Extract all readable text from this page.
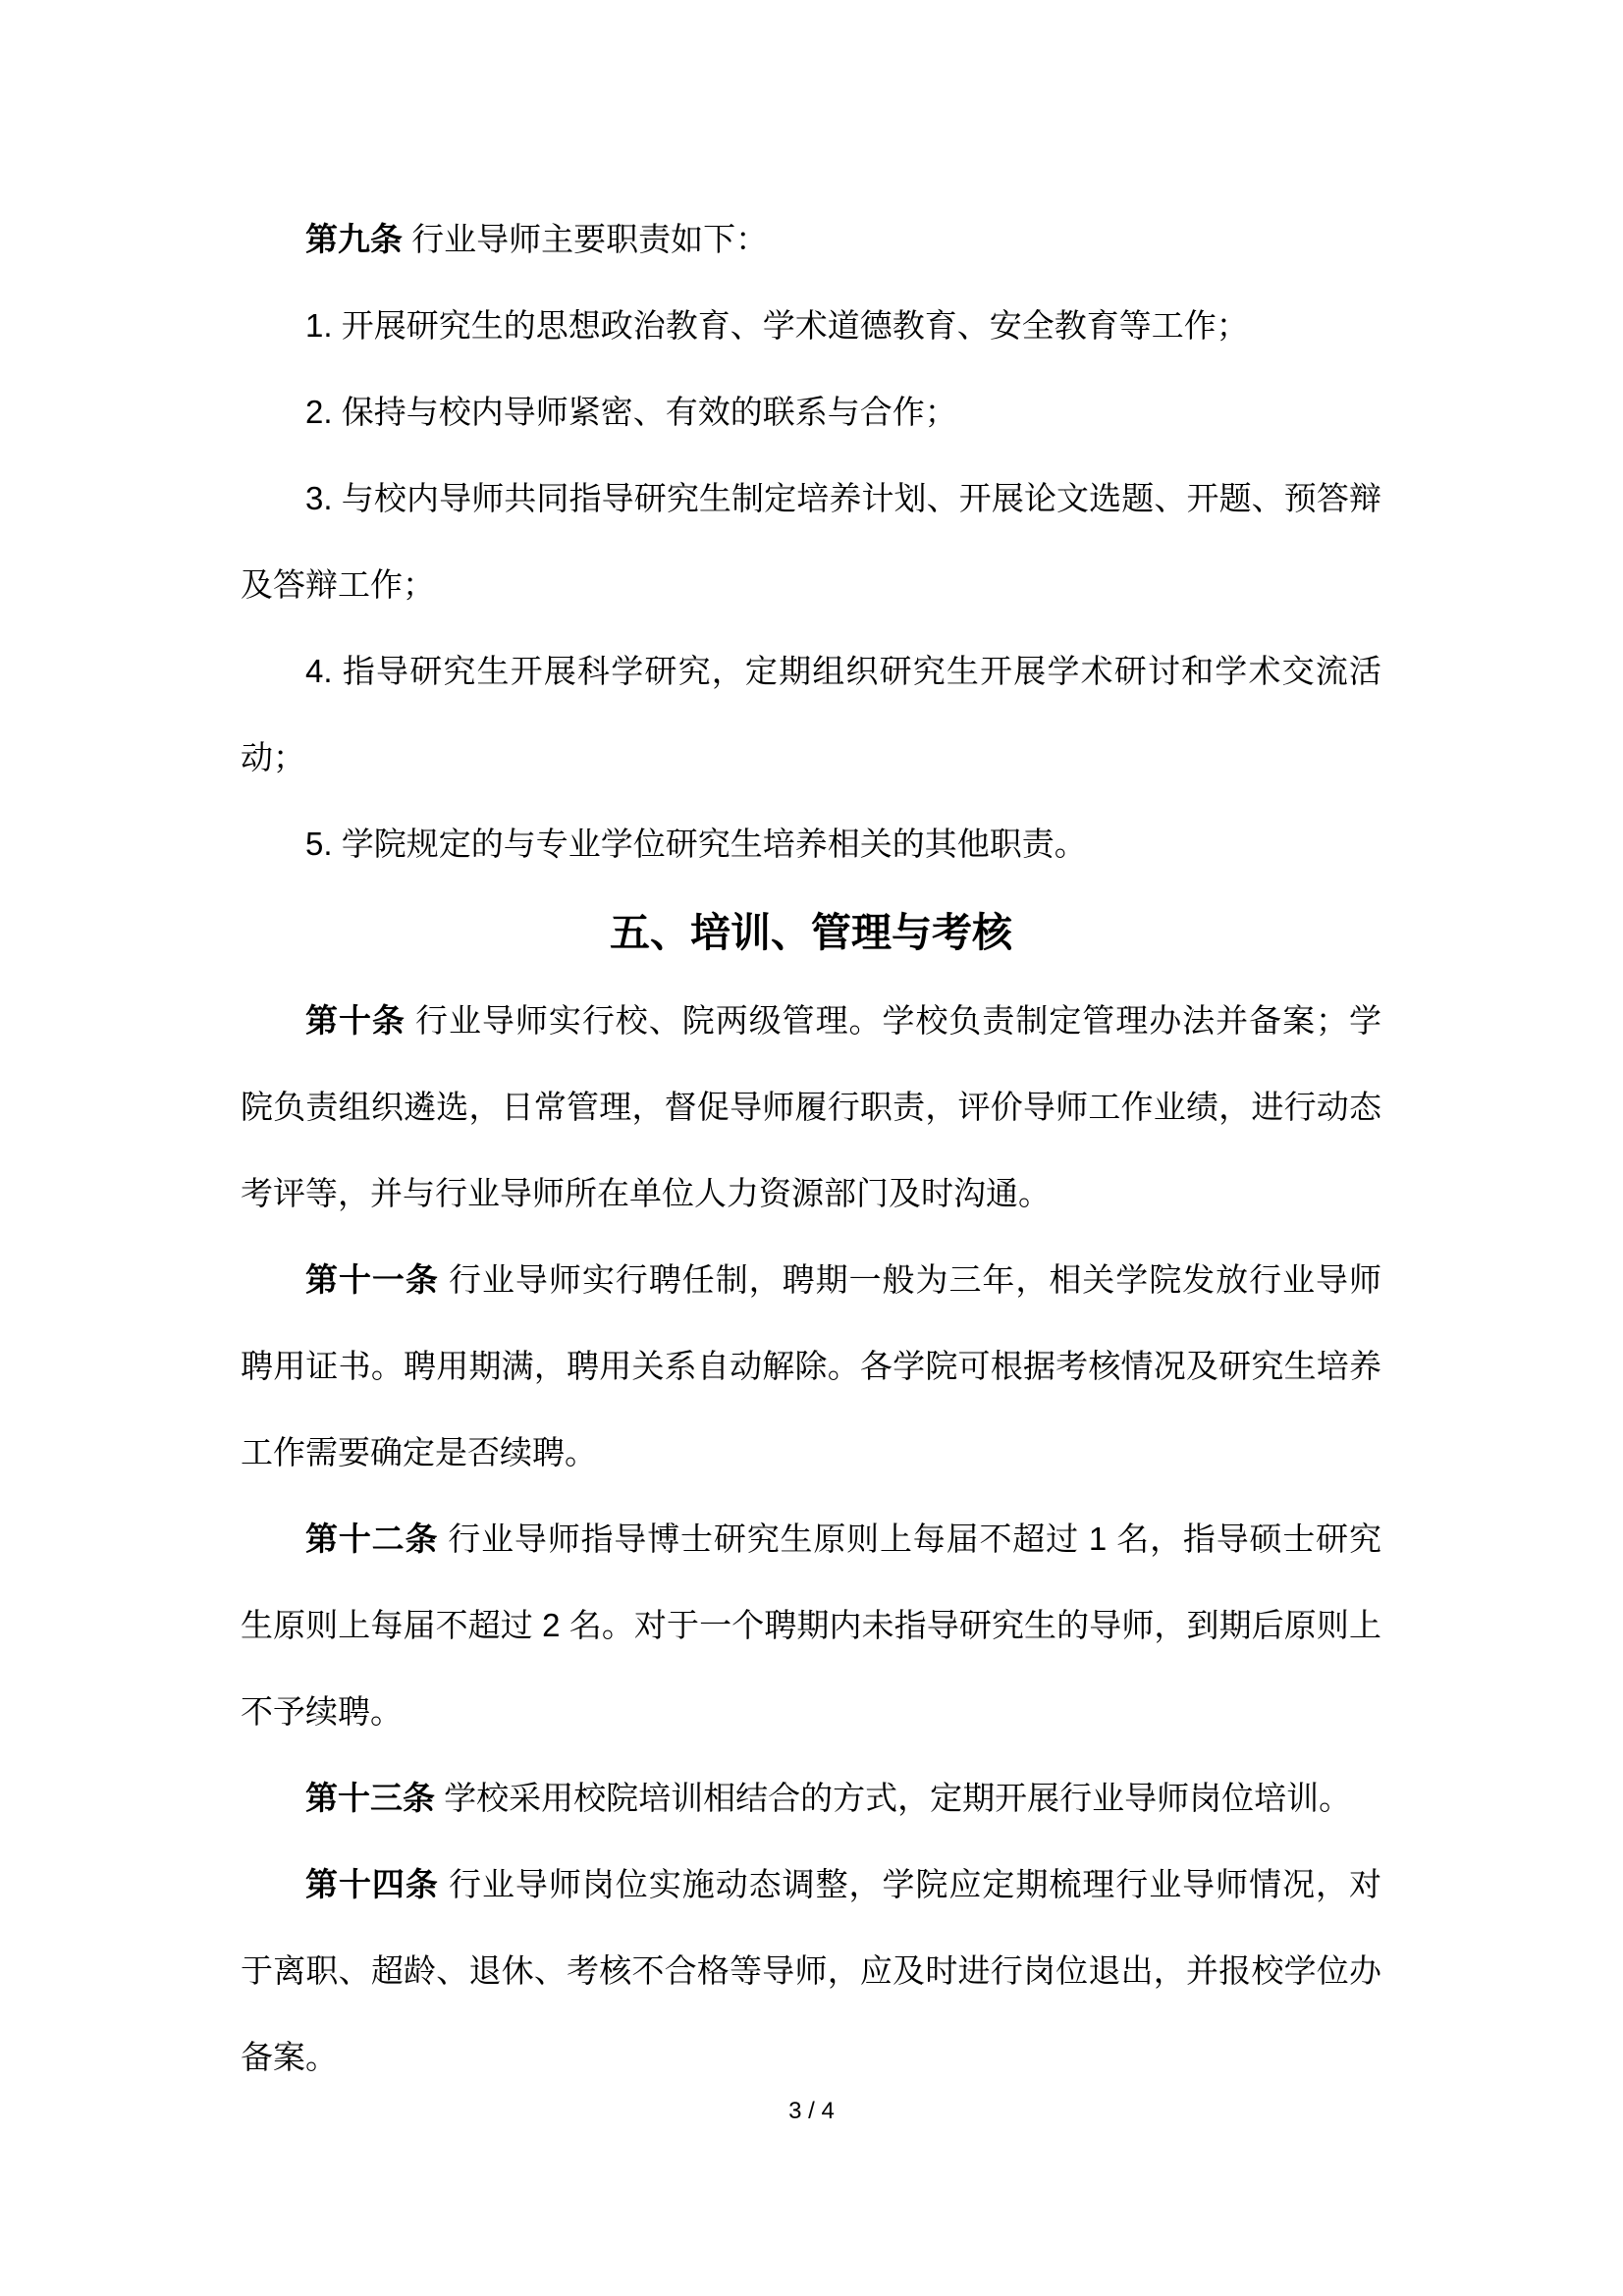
第九条 行业导师主要职责如下：

1. 开展研究生的思想政治教育、学术道德教育、安全教育等工作；

2. 保持与校内导师紧密、有效的联系与合作；

3. 与校内导师共同指导研究生制定培养计划、开展论文选题、开题、预答辩及答辩工作；

4. 指导研究生开展科学研究，定期组织研究生开展学术研讨和学术交流活动；

5. 学院规定的与专业学位研究生培养相关的其他职责。

五、培训、管理与考核

第十条 行业导师实行校、院两级管理。学校负责制定管理办法并备案；学院负责组织遴选，日常管理，督促导师履行职责，评价导师工作业绩，进行动态考评等，并与行业导师所在单位人力资源部门及时沟通。

第十一条 行业导师实行聘任制，聘期一般为三年，相关学院发放行业导师聘用证书。聘用期满，聘用关系自动解除。各学院可根据考核情况及研究生培养工作需要确定是否续聘。

第十二条 行业导师指导博士研究生原则上每届不超过 1 名，指导硕士研究生原则上每届不超过 2 名。对于一个聘期内未指导研究生的导师，到期后原则上不予续聘。

第十三条 学校采用校院培训相结合的方式，定期开展行业导师岗位培训。

第十四条 行业导师岗位实施动态调整，学院应定期梳理行业导师情况，对于离职、超龄、退休、考核不合格等导师，应及时进行岗位退出，并报校学位办备案。

3 / 4
